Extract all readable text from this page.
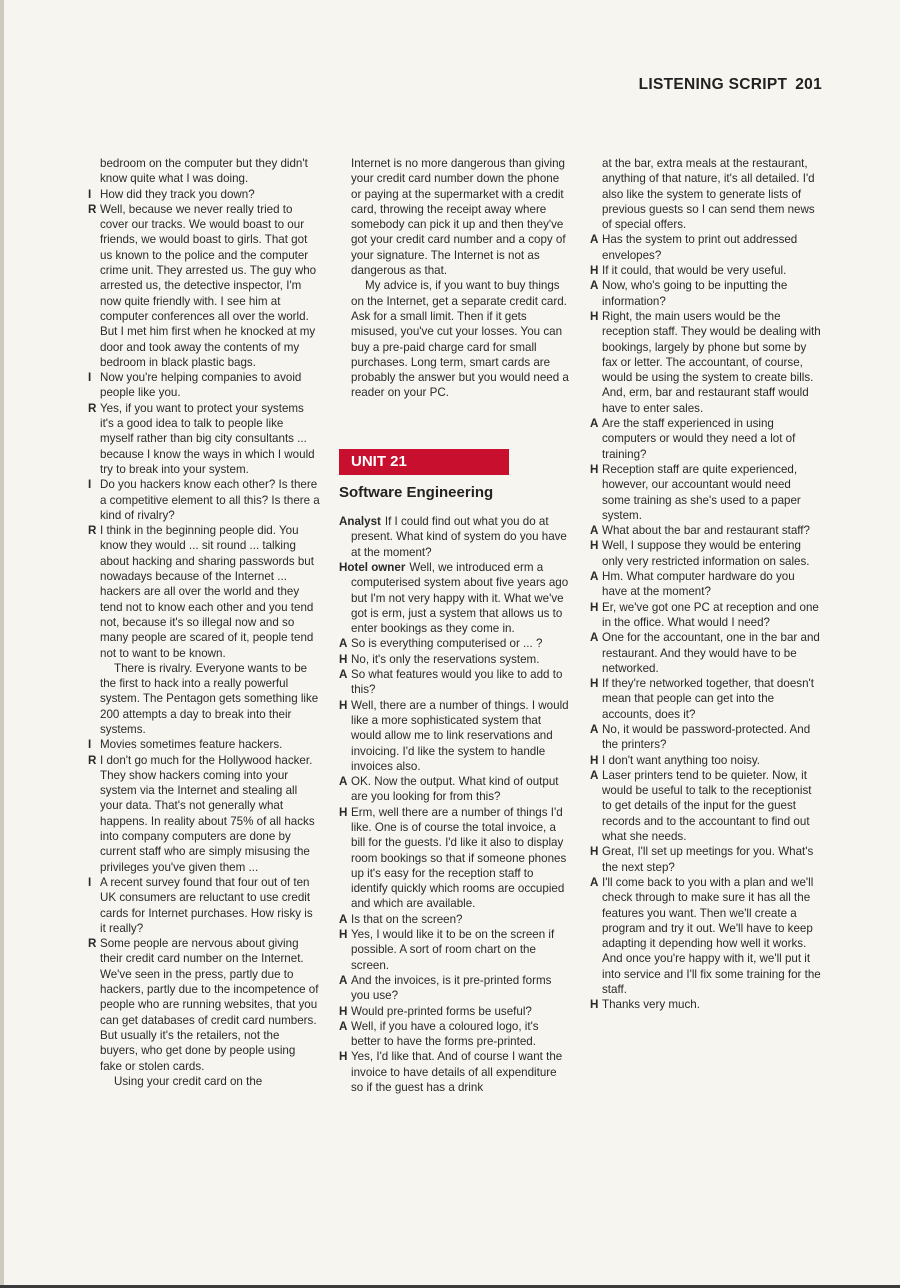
LISTENING SCRIPT 201

bedroom on the computer but they didn't know quite what I was doing.

I How did they track you down?

R Well, because we never really tried to cover our tracks. We would boast to our friends, we would boast to girls. That got us known to the police and the computer crime unit. They arrested us. The guy who arrested us, the detective inspector, I'm now quite friendly with. I see him at computer conferences all over the world. But I met him first when he knocked at my door and took away the contents of my bedroom in black plastic bags.

I Now you're helping companies to avoid people like you.

R Yes, if you want to protect your systems it's a good idea to talk to people like myself rather than big city consultants ... because I know the ways in which I would try to break into your system.

I Do you hackers know each other? Is there a competitive element to all this? Is there a kind of rivalry?

R I think in the beginning people did. You know they would ... sit round ... talking about hacking and sharing passwords but nowadays because of the Internet ... hackers are all over the world and they tend not to know each other and you tend not, because it's so illegal now and so many people are scared of it, people tend not to want to be known.

There is rivalry. Everyone wants to be the first to hack into a really powerful system. The Pentagon gets something like 200 attempts a day to break into their systems.

I Movies sometimes feature hackers.

R I don't go much for the Hollywood hacker. They show hackers coming into your system via the Internet and stealing all your data. That's not generally what happens. In reality about 75% of all hacks into company computers are done by current staff who are simply misusing the privileges you've given them ...

I A recent survey found that four out of ten UK consumers are reluctant to use credit cards for Internet purchases. How risky is it really?

R Some people are nervous about giving their credit card number on the Internet. We've seen in the press, partly due to hackers, partly due to the incompetence of people who are running websites, that you can get databases of credit card numbers. But usually it's the retailers, not the buyers, who get done by people using fake or stolen cards.

Using your credit card on the

Internet is no more dangerous than giving your credit card number down the phone or paying at the supermarket with a credit card, throwing the receipt away where somebody can pick it up and then they've got your credit card number and a copy of your signature. The Internet is not as dangerous as that.

My advice is, if you want to buy things on the Internet, get a separate credit card. Ask for a small limit. Then if it gets misused, you've cut your losses. You can buy a pre-paid charge card for small purchases. Long term, smart cards are probably the answer but you would need a reader on your PC.

UNIT 21
Software Engineering

Analyst If I could find out what you do at present. What kind of system do you have at the moment?

Hotel owner Well, we introduced erm a computerised system about five years ago but I'm not very happy with it. What we've got is erm, just a system that allows us to enter bookings as they come in.

A So is everything computerised or ... ?

H No, it's only the reservations system.

A So what features would you like to add to this?

H Well, there are a number of things. I would like a more sophisticated system that would allow me to link reservations and invoicing. I'd like the system to handle invoices also.

A OK. Now the output. What kind of output are you looking for from this?

H Erm, well there are a number of things I'd like. One is of course the total invoice, a bill for the guests. I'd like it also to display room bookings so that if someone phones up it's easy for the reception staff to identify quickly which rooms are occupied and which are available.

A Is that on the screen?

H Yes, I would like it to be on the screen if possible. A sort of room chart on the screen.

A And the invoices, is it pre-printed forms you use?

H Would pre-printed forms be useful?

A Well, if you have a coloured logo, it's better to have the forms pre-printed.

H Yes, I'd like that. And of course I want the invoice to have details of all expenditure so if the guest has a drink

at the bar, extra meals at the restaurant, anything of that nature, it's all detailed. I'd also like the system to generate lists of previous guests so I can send them news of special offers.

A Has the system to print out addressed envelopes?

H If it could, that would be very useful.

A Now, who's going to be inputting the information?

H Right, the main users would be the reception staff. They would be dealing with bookings, largely by phone but some by fax or letter. The accountant, of course, would be using the system to create bills. And, erm, bar and restaurant staff would have to enter sales.

A Are the staff experienced in using computers or would they need a lot of training?

H Reception staff are quite experienced, however, our accountant would need some training as she's used to a paper system.

A What about the bar and restaurant staff?

H Well, I suppose they would be entering only very restricted information on sales.

A Hm. What computer hardware do you have at the moment?

H Er, we've got one PC at reception and one in the office. What would I need?

A One for the accountant, one in the bar and restaurant. And they would have to be networked.

H If they're networked together, that doesn't mean that people can get into the accounts, does it?

A No, it would be password-protected. And the printers?

H I don't want anything too noisy.

A Laser printers tend to be quieter. Now, it would be useful to talk to the receptionist to get details of the input for the guest records and to the accountant to find out what she needs.

H Great, I'll set up meetings for you. What's the next step?

A I'll come back to you with a plan and we'll check through to make sure it has all the features you want. Then we'll create a program and try it out. We'll have to keep adapting it depending how well it works. And once you're happy with it, we'll put it into service and I'll fix some training for the staff.

H Thanks very much.
